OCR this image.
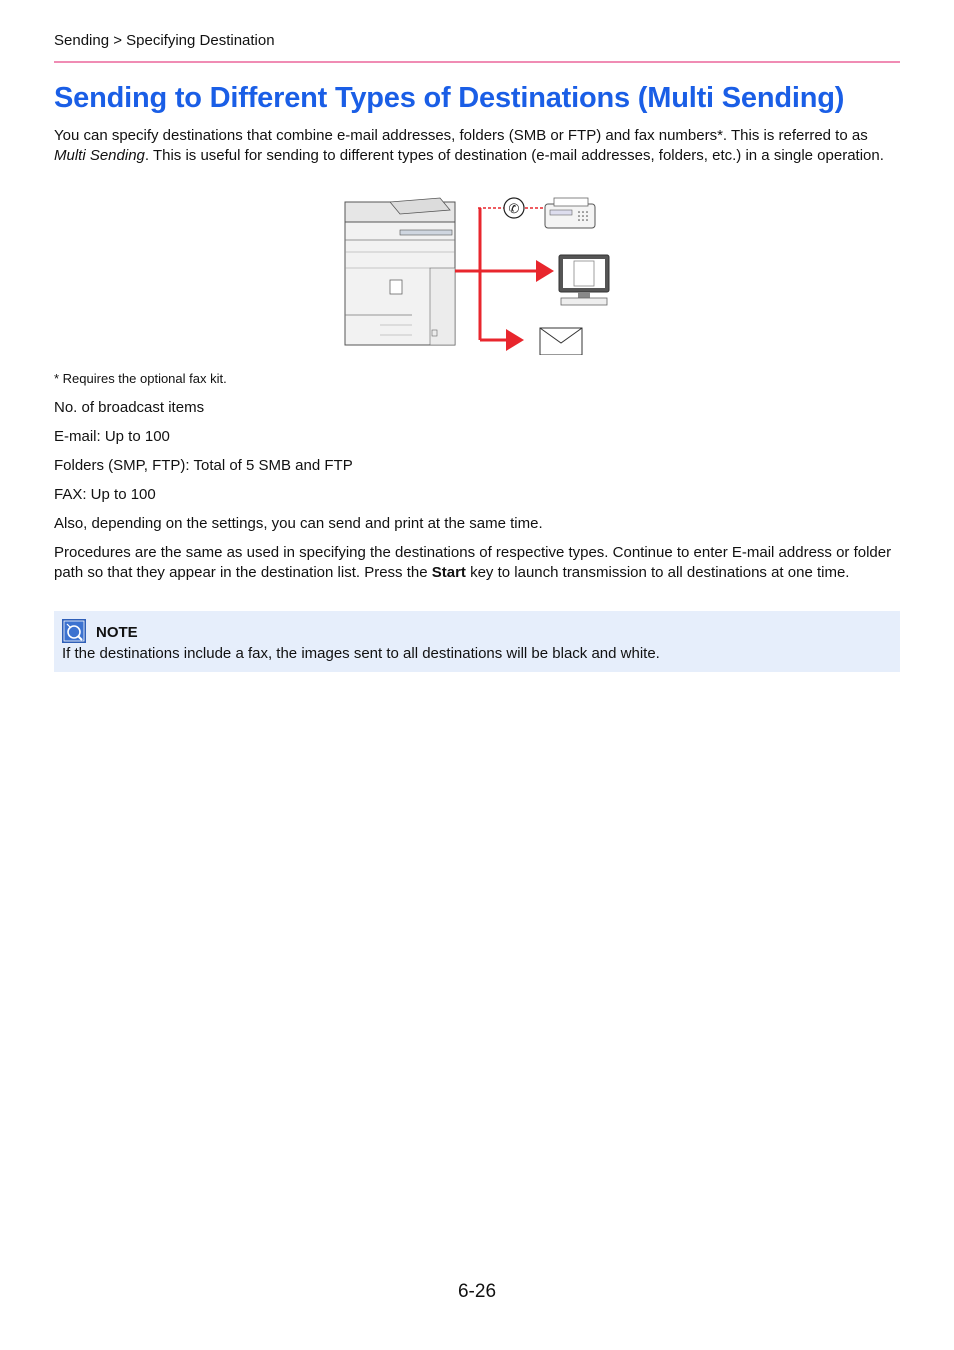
Sending > Specifying Destination
Sending to Different Types of Destinations (Multi Sending)

You can specify destinations that combine e-mail addresses, folders (SMB or FTP) and fax numbers*. This is referred to as Multi Sending. This is useful for sending to different types of destination (e-mail addresses, folders, etc.) in a single operation.

✆
* Requires the optional fax kit.

No. of broadcast items

E-mail: Up to 100

Folders (SMP, FTP): Total of 5 SMB and FTP

FAX: Up to 100

Also, depending on the settings, you can send and print at the same time.

Procedures are the same as used in specifying the destinations of respective types. Continue to enter E-mail address or folder path so that they appear in the destination list. Press the Start key to launch transmission to all destinations at one time.

NOTE
If the destinations include a fax, the images sent to all destinations will be black and white.
6-26
